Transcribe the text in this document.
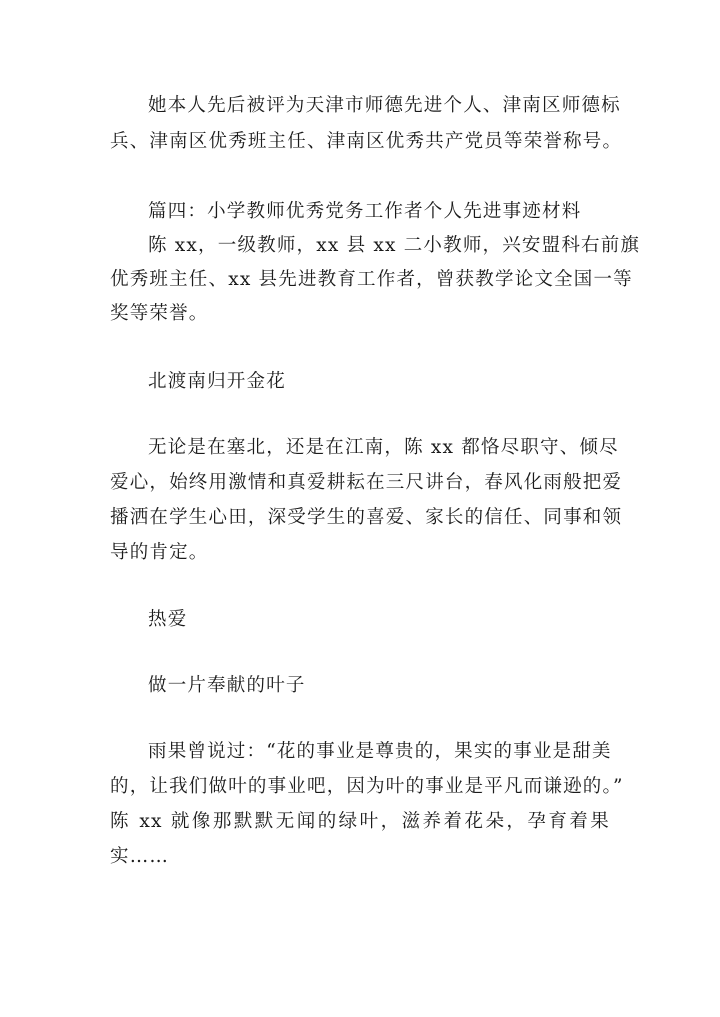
她本人先后被评为天津市师德先进个人、津南区师德标
兵、津南区优秀班主任、津南区优秀共产党员等荣誉称号。
篇四：小学教师优秀党务工作者个人先进事迹材料
陈 xx，一级教师，xx 县 xx 二小教师，兴安盟科右前旗
优秀班主任、xx 县先进教育工作者，曾获教学论文全国一等
奖等荣誉。
北渡南归开金花
无论是在塞北，还是在江南，陈 xx 都恪尽职守、倾尽
爱心，始终用激情和真爱耕耘在三尺讲台，春风化雨般把爱
播洒在学生心田，深受学生的喜爱、家长的信任、同事和领
导的肯定。
热爱
做一片奉献的叶子
雨果曾说过：“花的事业是尊贵的，果实的事业是甜美
的，让我们做叶的事业吧，因为叶的事业是平凡而谦逊的。”
陈 xx 就像那默默无闻的绿叶，滋养着花朵，孕育着果
实……
